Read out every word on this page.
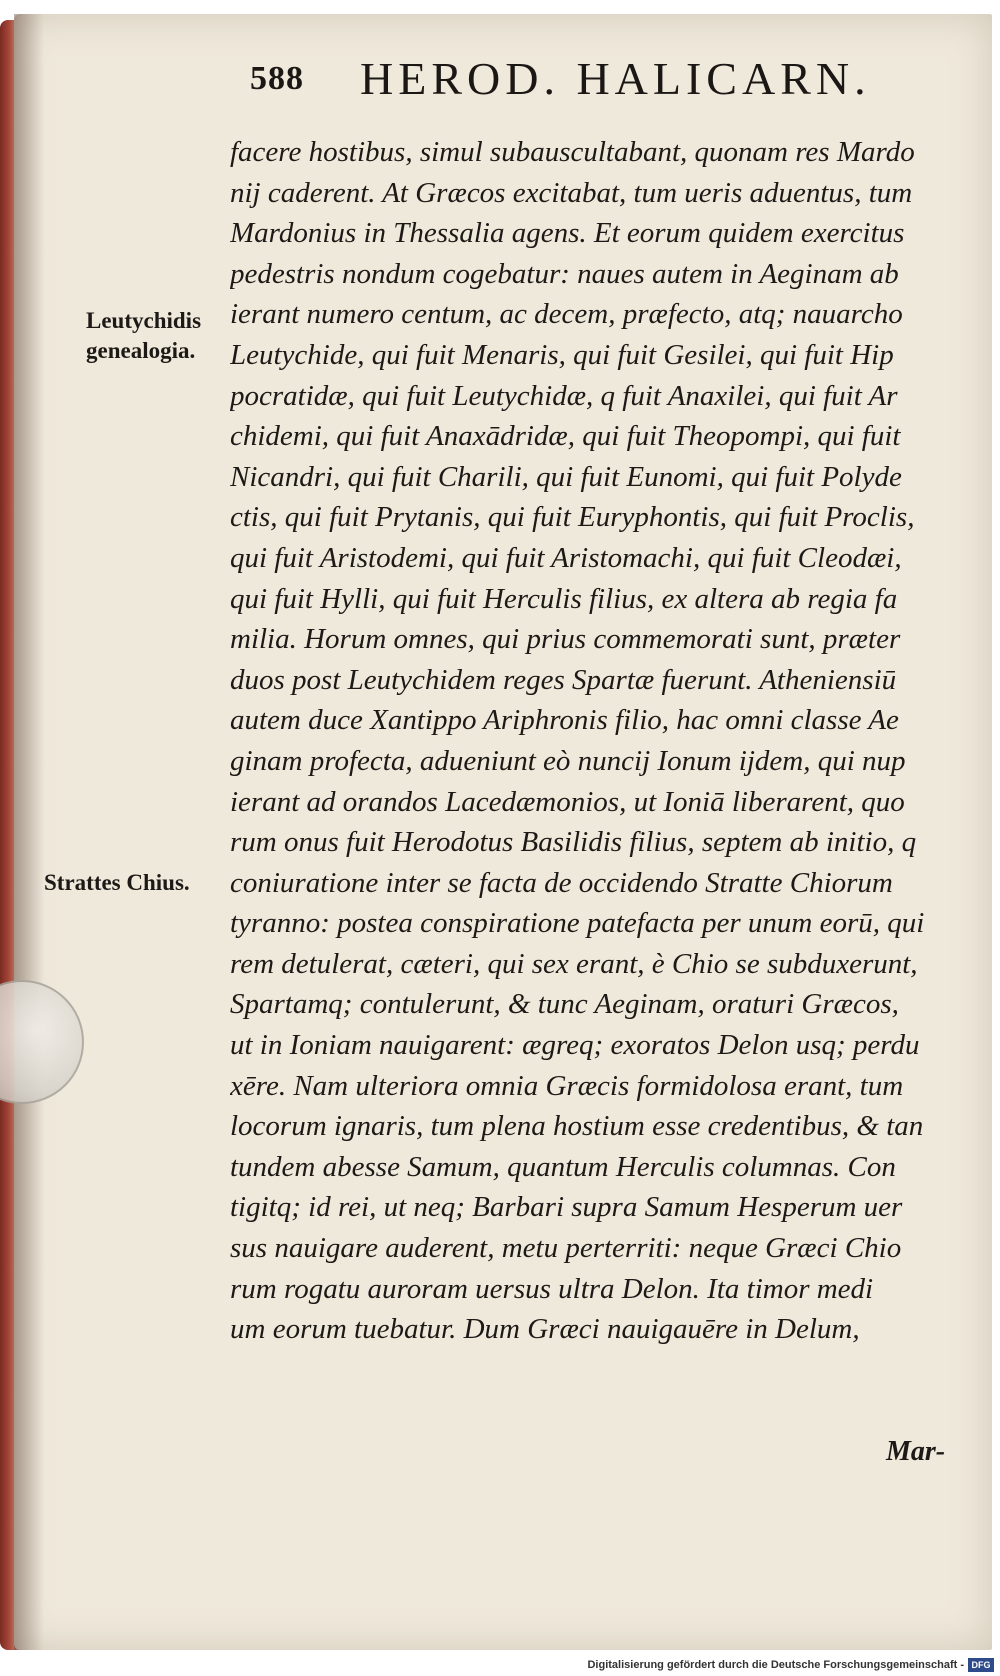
588 HEROD. HALICARN.
Leutychidis
genealogia.
Strattes Chius.
facere hostibus, simul subauscultabant, quonam res Mardo
nij caderent. At Græcos excitabat, tum ueris aduentus, tum
Mardonius in Thessalia agens. Et eorum quidem exercitus
pedestris nondum cogebatur: naues autem in Aeginam ab
ierant numero centum, ac decem, præfecto, atq; nauarcho
Leutychide, qui fuit Menaris, qui fuit Gesilei, qui fuit Hip
pocratidæ, qui fuit Leutychidæ, q fuit Anaxilei, qui fuit Ar
chidemi, qui fuit Anaxādridæ, qui fuit Theopompi, qui fuit
Nicandri, qui fuit Charili, qui fuit Eunomi, qui fuit Polyde
ctis, qui fuit Prytanis, qui fuit Euryphontis, qui fuit Proclis,
qui fuit Aristodemi, qui fuit Aristomachi, qui fuit Cleodæi,
qui fuit Hylli, qui fuit Herculis filius, ex altera ab regia fa
milia. Horum omnes, qui prius commemorati sunt, præter
duos post Leutychidem reges Spartæ fuerunt. Atheniensiū
autem duce Xantippo Ariphronis filio, hac omni classe Ae
ginam profecta, adueniunt eò nuncij Ionum ijdem, qui nup
ierant ad orandos Lacedæmonios, ut Ioniā liberarent, quo
rum onus fuit Herodotus Basilidis filius, septem ab initio, q
coniuratione inter se facta de occidendo Stratte Chiorum
tyranno: postea conspiratione patefacta per unum eorū, qui
rem detulerat, cæteri, qui sex erant, è Chio se subduxerunt,
Spartamq; contulerunt, & tunc Aeginam, oraturi Græcos,
ut in Ioniam nauigarent: ægreq; exoratos Delon usq; perdu
xēre. Nam ulteriora omnia Græcis formidolosa erant, tum
locorum ignaris, tum plena hostium esse credentibus, & tan
tundem abesse Samum, quantum Herculis columnas. Con
tigitq; id rei, ut neq; Barbari supra Samum Hesperum uer
sus nauigare auderent, metu perterriti: neque Græci Chio
rum rogatu auroram uersus ultra Delon. Ita timor medi
um eorum tuebatur. Dum Græci nauigauēre in Delum,
Mar-
Digitalisierung gefördert durch die Deutsche Forschungsgemeinschaft - DFG
